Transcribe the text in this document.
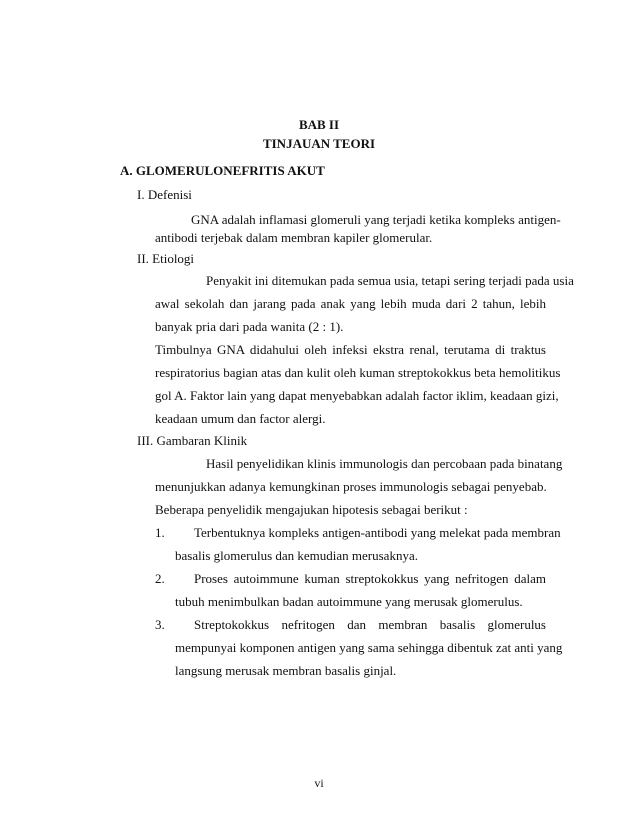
BAB II
TINJAUAN TEORI
A. GLOMERULONEFRITIS AKUT
I. Defenisi
GNA adalah inflamasi glomeruli yang terjadi ketika kompleks antigen-
antibodi terjebak dalam membran kapiler glomerular.
II. Etiologi
Penyakit ini ditemukan pada semua usia, tetapi sering terjadi pada usia
awal sekolah dan jarang pada anak yang lebih muda dari 2 tahun, lebih
banyak pria dari pada wanita (2 : 1).
Timbulnya GNA didahului oleh infeksi ekstra renal, terutama di traktus
respiratorius bagian atas dan kulit oleh kuman streptokokkus beta hemolitikus
gol A. Faktor lain yang dapat menyebabkan adalah factor iklim, keadaan gizi,
keadaan umum dan factor alergi.
III. Gambaran Klinik
Hasil penyelidikan klinis immunologis dan percobaan pada binatang
menunjukkan adanya kemungkinan proses immunologis sebagai penyebab.
Beberapa penyelidik mengajukan hipotesis sebagai berikut :
1. Terbentuknya kompleks antigen-antibodi yang melekat pada membran
basalis glomerulus dan kemudian merusaknya.
2. Proses autoimmune kuman streptokokkus yang nefritogen dalam
tubuh menimbulkan badan autoimmune yang merusak glomerulus.
3. Streptokokkus nefritogen dan membran basalis glomerulus
mempunyai komponen antigen yang sama sehingga dibentuk zat anti yang
langsung merusak membran basalis ginjal.
vi
